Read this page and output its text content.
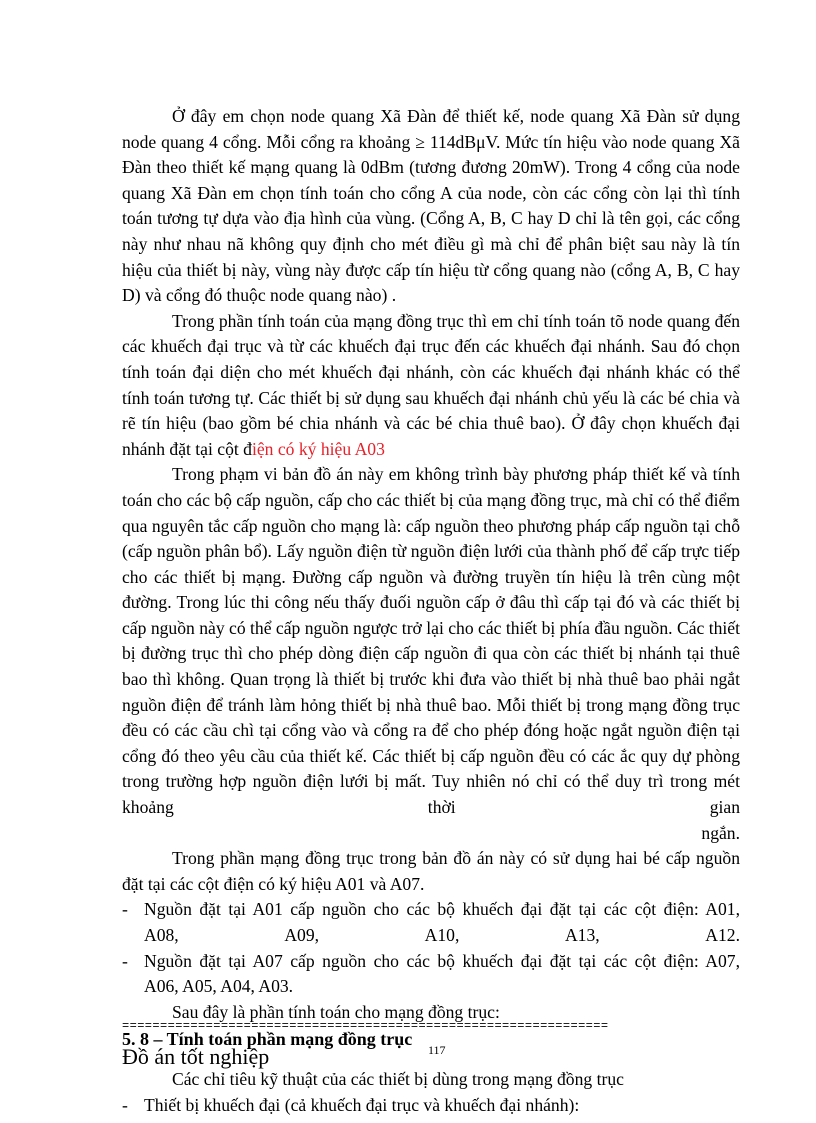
Ở đây em chọn node quang Xã Đàn để thiết kế, node quang Xã Đàn sử dụng node quang 4 cổng. Mỗi cổng ra khoảng ≥ 114dBμV. Mức tín hiệu vào node quang Xã Đàn theo thiết kế mạng quang là 0dBm (tương đương 20mW). Trong 4 cổng của node quang Xã Đàn em chọn tính toán cho cổng A của node, còn các cổng còn lại thì tính toán tương tự dựa vào địa hình của vùng. (Cổng A, B, C hay D chỉ là tên gọi, các cổng này như nhau nã không quy định cho mét điều gì mà chỉ để phân biệt sau này là tín hiệu của thiết bị này, vùng này được cấp tín hiệu từ cổng quang nào (cổng A, B, C hay D) và cổng đó thuộc node quang nào) .

Trong phần tính toán của mạng đồng trục thì em chỉ tính toán tõ node quang đến các khuếch đại trục và từ các khuếch đại trục đến các khuếch đại nhánh. Sau đó chọn tính toán đại diện cho mét khuếch đại nhánh, còn các khuếch đại nhánh khác có thể tính toán tương tự. Các thiết bị sử dụng sau khuếch đại nhánh chủ yếu là các bé chia và rẽ tín hiệu (bao gồm bé chia nhánh và các bé chia thuê bao). Ở đây chọn khuếch đại nhánh đặt tại cột điện có ký hiệu A03

Trong phạm vi bản đồ án này em không trình bày phương pháp thiết kế và tính toán cho các bộ cấp nguồn, cấp cho các thiết bị của mạng đồng trục, mà chỉ có thể điểm qua nguyên tắc cấp nguồn cho mạng là: cấp nguồn theo phương pháp cấp nguồn tại chỗ (cấp nguồn phân bổ). Lấy nguồn điện từ nguồn điện lưới của thành phố để cấp trực tiếp cho các thiết bị mạng. Đường cấp nguồn và đường truyền tín hiệu là trên cùng một đường. Trong lúc thi công nếu thấy đuối nguồn cấp ở đâu thì cấp tại đó và các thiết bị cấp nguồn này có thể cấp nguồn ngược trở lại cho các thiết bị phía đầu nguồn. Các thiết bị đường trục thì cho phép dòng điện cấp nguồn đi qua còn các thiết bị nhánh tại thuê bao thì không. Quan trọng là thiết bị trước khi đưa vào thiết bị nhà thuê bao phải ngắt nguồn điện để tránh làm hỏng thiết bị nhà thuê bao. Mỗi thiết bị trong mạng đồng trục đều có các cầu chì tại cổng vào và cổng ra để cho phép đóng hoặc ngắt nguồn điện tại cổng đó theo yêu cầu của thiết kế. Các thiết bị cấp nguồn đều có các ắc quy dự phòng trong trường hợp nguồn điện lưới bị mất. Tuy nhiên nó chỉ có thể duy trì trong mét khoảng thời gian

ngắn.

Trong phần mạng đồng trục trong bản đồ án này có sử dụng hai bé cấp nguồn đặt tại các cột điện có ký hiệu A01 và A07.

- Nguồn đặt tại A01 cấp nguồn cho các bộ khuếch đại đặt tại các cột điện: A01,
A08, A09, A10, A13, A12.
- Nguồn đặt tại A07 cấp nguồn cho các bộ khuếch đại đặt tại các cột điện: A07,
A06, A05, A04, A03.

Sau đây là phần tính toán cho mạng đồng trục:

5. 8 – Tính toán phần mạng đồng trục

Các chỉ tiêu kỹ thuật của các thiết bị dùng trong mạng đồng trục

- Thiết bị khuếch đại (cả khuếch đại trục và khuếch đại nhánh):
================================================================
Đồ án tốt nghiệp	117
